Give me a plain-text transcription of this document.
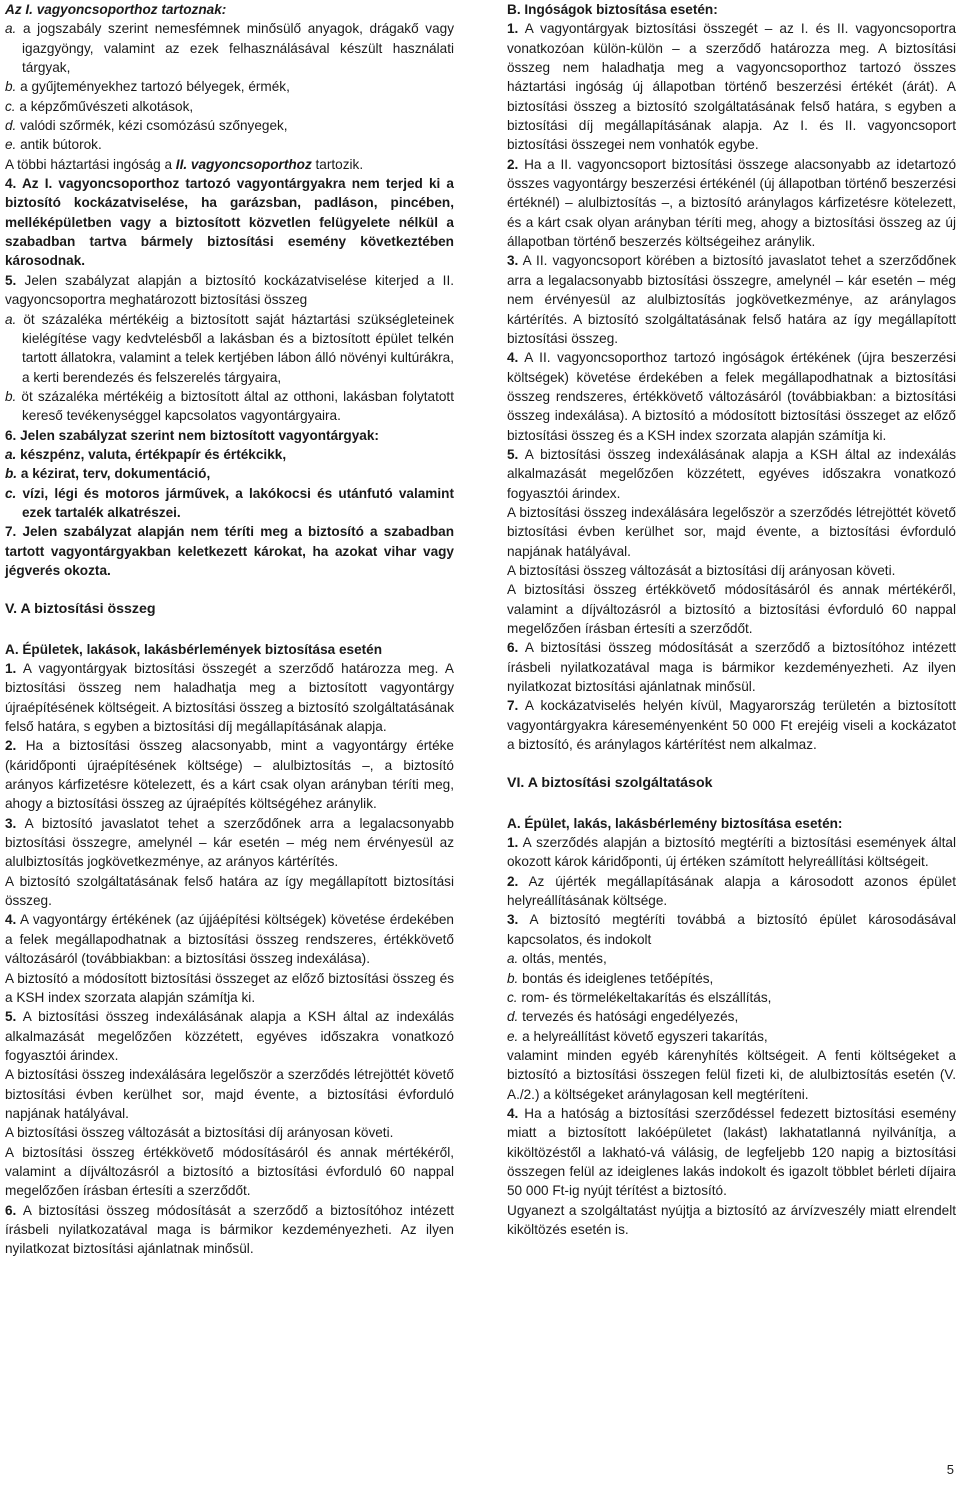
Az I. vagyoncsoporthoz tartoznak:

a. a jogszabály szerint nemesfémnek minősülő anyagok, drágakő vagy igazgyöngy, valamint az ezek felhasználásával készült használati tárgyak,

b. a gyűjteményekhez tartozó bélyegek, érmék,

c. a képzőművészeti alkotások,

d. valódi szőrmék, kézi csomózású szőnyegek,

e. antik bútorok.

A többi háztartási ingóság a II. vagyoncsoporthoz tartozik.

4. Az I. vagyoncsoporthoz tartozó vagyontárgyakra nem terjed ki a biztosító kockázatviselése, ha garázsban, padláson, pincében, melléképületben vagy a biztosított közvetlen felügyelete nélkül a szabadban tartva bármely biztosítási esemény következtében károsodnak.

5. Jelen szabályzat alapján a biztosító kockázatviselése kiterjed a II. vagyoncsoportra meghatározott biztosítási összeg

a. öt százaléka mértékéig a biztosított saját háztartási szükségleteinek kielégítése vagy kedvtelésből a lakásban és a biztosított épület telkén tartott állatokra, valamint a telek kertjében lábon álló növényi kultúrákra, a kerti berendezés és felszerelés tárgyaira,

b. öt százaléka mértékéig a biztosított által az otthoni, lakásban folytatott kereső tevékenységgel kapcsolatos vagyontárgyaira.

6. Jelen szabályzat szerint nem biztosított vagyontárgyak:

a. készpénz, valuta, értékpapír és értékcikk,

b. a kézirat, terv, dokumentáció,

c. vízi, légi és motoros járművek, a lakókocsi és utánfutó valamint ezek tartalék alkatrészei.

7. Jelen szabályzat alapján nem téríti meg a biztosító a szabadban tartott vagyontárgyakban keletkezett károkat, ha azokat vihar vagy jégverés okozta.

V. A biztosítási összeg

A. Épületek, lakások, lakásbérlemények biztosítása esetén

1. A vagyontárgyak biztosítási összegét a szerződő határozza meg. A biztosítási összeg nem haladhatja meg a biztosított vagyontárgy újraépítésének költségeit. A biztosítási összeg a biztosító szolgáltatásának felső határa, s egyben a biztosítási díj megállapításának alapja.

2. Ha a biztosítási összeg alacsonyabb, mint a vagyontárgy értéke (káridőponti újraépítésének költsége) – alulbiztosítás –, a biztosító arányos kárfizetésre kötelezett, és a kárt csak olyan arányban téríti meg, ahogy a biztosítási összeg az újraépítés költségéhez aránylik.

3. A biztosító javaslatot tehet a szerződőnek arra a legalacsonyabb biztosítási összegre, amelynél – kár esetén – még nem érvényesül az alulbiztosítás jogkövetkezménye, az arányos kártérítés.

A biztosító szolgáltatásának felső határa az így megállapított biztosítási összeg.

4. A vagyontárgy értékének (az újjáépítési költségek) követése érdekében a felek megállapodhatnak a biztosítási összeg rendszeres, értékkövető változásáról (továbbiakban: a biztosítási összeg indexálása).

A biztosító a módosított biztosítási összeget az előző biztosítási összeg és a KSH index szorzata alapján számítja ki.

5. A biztosítási összeg indexálásának alapja a KSH által az indexálás alkalmazását megelőzően közzétett, egyéves időszakra vonatkozó fogyasztói árindex.

A biztosítási összeg indexálására legelőször a szerződés létrejöttét követő biztosítási évben kerülhet sor, majd évente, a biztosítási évforduló napjának hatályával.

A biztosítási összeg változását a biztosítási díj arányosan követi.

A biztosítási összeg értékkövető módosításáról és annak mértékéről, valamint a díjváltozásról a biztosító a biztosítási évforduló 60 nappal megelőzően írásban értesíti a szerződőt.

6. A biztosítási összeg módosítását a szerződő a biztosítóhoz intézett írásbeli nyilatkozatával maga is bármikor kezdeményezheti. Az ilyen nyilatkozat biztosítási ajánlatnak minősül.

B. Ingóságok biztosítása esetén:

1. A vagyontárgyak biztosítási összegét – az I. és II. vagyoncsoportra vonatkozóan külön-külön – a szerződő határozza meg. A biztosítási összeg nem haladhatja meg a vagyoncsoporthoz tartozó összes háztartási ingóság új állapotban történő beszerzési értékét (árát). A biztosítási összeg a biztosító szolgáltatásának felső határa, s egyben a biztosítási díj megállapításának alapja. Az I. és II. vagyoncsoport biztosítási összegei nem vonhatók egybe.

2. Ha a II. vagyoncsoport biztosítási összege alacsonyabb az idetartozó összes vagyontárgy beszerzési értékénél (új állapotban történő beszerzési értéknél) – alulbiztosítás –, a biztosító aránylagos kárfizetésre kötelezett, és a kárt csak olyan arányban téríti meg, ahogy a biztosítási összeg az új állapotban történő beszerzés költségeihez aránylik.

3. A II. vagyoncsoport körében a biztosító javaslatot tehet a szerződőnek arra a legalacsonyabb biztosítási összegre, amelynél – kár esetén – még nem érvényesül az alulbiztosítás jogkövetkezménye, az aránylagos kártérítés. A biztosító szolgáltatásának felső határa az így megállapított biztosítási összeg.

4. A II. vagyoncsoporthoz tartozó ingóságok értékének (újra beszerzési költségek) követése érdekében a felek megállapodhatnak a biztosítási összeg rendszeres, értékkövető változásáról (továbbiakban: a biztosítási összeg indexálása). A biztosító a módosított biztosítási összeget az előző biztosítási összeg és a KSH index szorzata alapján számítja ki.

5. A biztosítási összeg indexálásának alapja a KSH által az indexálás alkalmazását megelőzően közzétett, egyéves időszakra vonatkozó fogyasztói árindex.

A biztosítási összeg indexálására legelőször a szerződés létrejöttét követő biztosítási évben kerülhet sor, majd évente, a biztosítási évforduló napjának hatályával.

A biztosítási összeg változását a biztosítási díj arányosan követi.

A biztosítási összeg értékkövető módosításáról és annak mértékéről, valamint a díjváltozásról a biztosító a biztosítási évforduló 60 nappal megelőzően írásban értesíti a szerződőt.

6. A biztosítási összeg módosítását a szerződő a biztosítóhoz intézett írásbeli nyilatkozatával maga is bármikor kezdeményezheti. Az ilyen nyilatkozat biztosítási ajánlatnak minősül.

7. A kockázatviselés helyén kívül, Magyarország területén a biztosított vagyontárgyakra káreseményenként 50 000 Ft erejéig viseli a kockázatot a biztosító, és aránylagos kártérítést nem alkalmaz.

VI. A biztosítási szolgáltatások

A. Épület, lakás, lakásbérlemény biztosítása esetén:

1. A szerződés alapján a biztosító megtéríti a biztosítási események által okozott károk káridőponti, új értéken számított helyreállítási költségeit.

2. Az újérték megállapításának alapja a károsodott azonos épület helyreállításának költsége.

3. A biztosító megtéríti továbbá a biztosító épület károsodásával kapcsolatos, és indokolt

a. oltás, mentés,

b. bontás és ideiglenes tetőépítés,

c. rom- és törmelékeltakarítás és elszállítás,

d. tervezés és hatósági engedélyezés,

e. a helyreállítást követő egyszeri takarítás,

valamint minden egyéb kárenyhítés költségeit. A fenti költségeket a biztosító a biztosítási összegen felül fizeti ki, de alulbiztosítás esetén (V. A./2.) a költségeket aránylagosan kell megtéríteni.

4. Ha a hatóság a biztosítási szerződéssel fedezett biztosítási esemény miatt a biztosított lakóépületet (lakást) lakhatatlanná nyilvánítja, a kiköltözéstől a lakható-vá válásig, de legfeljebb 120 napig a biztosítási összegen felül az ideiglenes lakás indokolt és igazolt többlet bérleti díjaira 50 000 Ft-ig nyújt térítést a biztosító.

Ugyanezt a szolgáltatást nyújtja a biztosító az árvízveszély miatt elrendelt kiköltözés esetén is.

5
